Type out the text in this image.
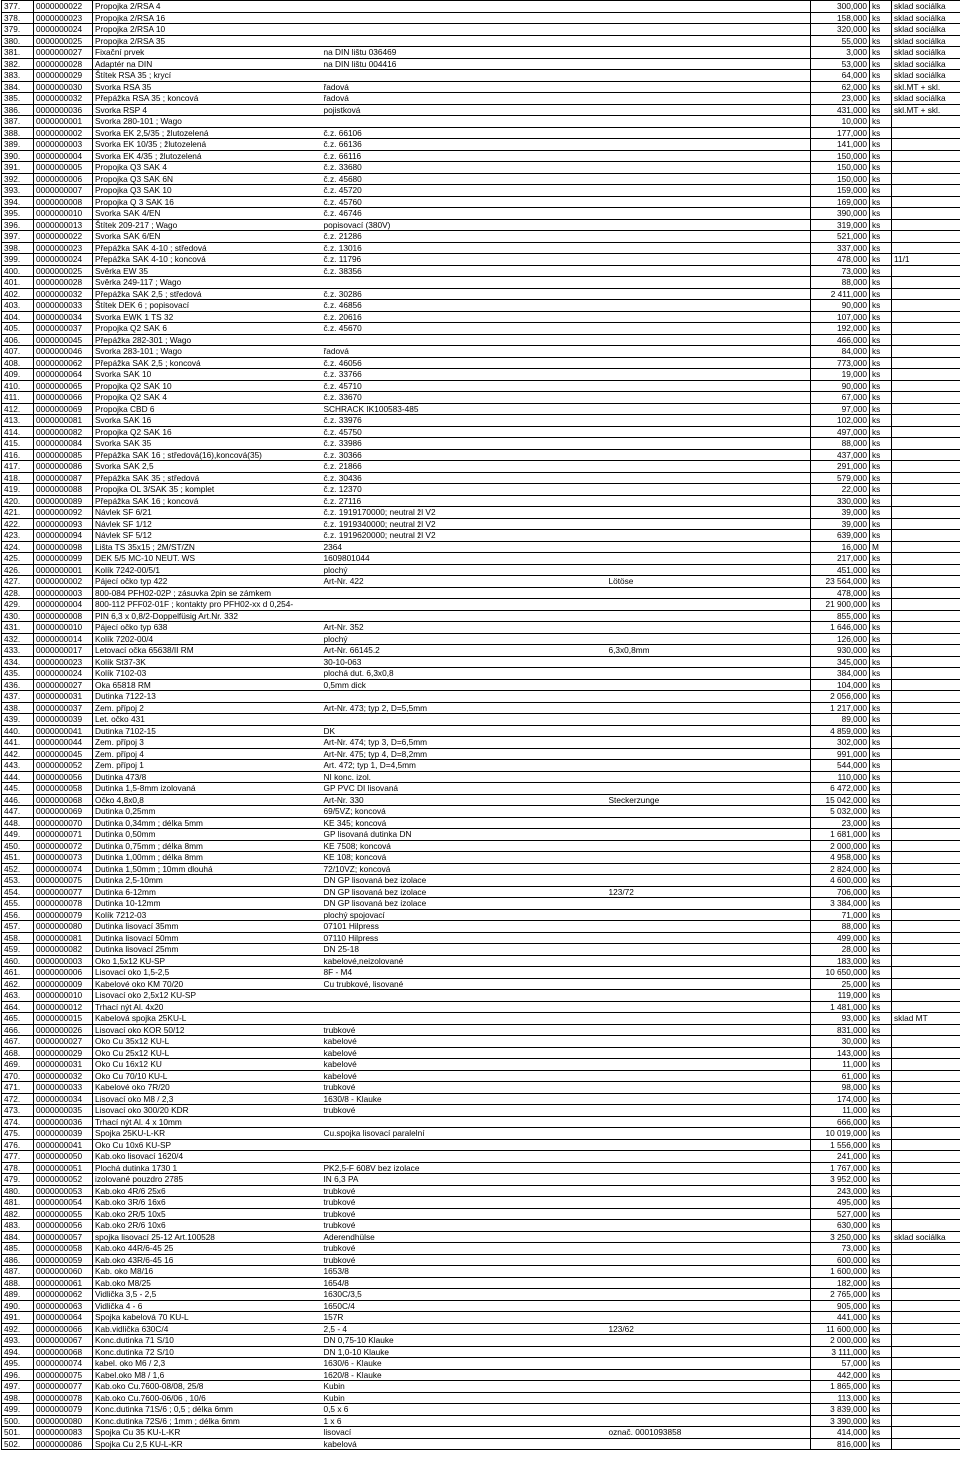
377.	0000000022	Propojka 2/RSA 4			300,000	ks	sklad sociálka
378.	0000000023	Propojka 2/RSA 16			158,000	ks	sklad sociálka
379.	0000000024	Propojka 2/RSA 10			320,000	ks	sklad sociálka
380.	0000000025	Propojka 2/RSA 35			55,000	ks	sklad sociálka
381.	0000000027	Fixační prvek	na DIN lištu 036469		3,000	ks	sklad sociálka
382.	0000000028	Adaptér na DIN	na DIN lištu 004416		53,000	ks	sklad sociálka
383.	0000000029	Štítek RSA 35 ; krycí			64,000	ks	sklad sociálka
384.	0000000030	Svorka RSA 35	řadová		62,000	ks	skl.MT + skl.
385.	0000000032	Přepážka RSA 35 ; koncová	řadová		23,000	ks	sklad sociálka
386.	0000000036	Svorka RSP 4	pojistková		431,000	ks	skl.MT + skl.
387.	0000000001	Svorka 280-101 ; Wago			10,000	ks	
388.	0000000002	Svorka EK 2,5/35 ; žlutozelená	č.z. 66106		177,000	ks	
389.	0000000003	Svorka EK 10/35 ; žlutozelená	č.z. 66136		141,000	ks	
390.	0000000004	Svorka EK 4/35 ; žlutozelená	č.z. 66116		150,000	ks	
391.	0000000005	Propojka Q3 SAK 4	č.z. 33680		150,000	ks	
392.	0000000006	Propojka Q3 SAK 6N	č.z. 45680		150,000	ks	
393.	0000000007	Propojka Q3 SAK 10	č.z. 45720		159,000	ks	
394.	0000000008	Propojka Q 3 SAK 16	č.z. 45760		169,000	ks	
395.	0000000010	Svorka SAK 4/EN	č.z. 46746		390,000	ks	
396.	0000000013	Štítek 209-217 ; Wago	popisovací (380V)		319,000	ks	
397.	0000000022	Svorka SAK 6/EN	č.z. 21286		521,000	ks	
398.	0000000023	Přepážka SAK 4-10 ; středová	č.z. 13016		337,000	ks	
399.	0000000024	Přepážka SAK 4-10 ; koncová	č.z. 11796		478,000	ks	11/1
400.	0000000025	Svěrka EW 35	č.z. 38356		73,000	ks	
401.	0000000028	Svěrka 249-117 ; Wago			88,000	ks	
402.	0000000032	Přepážka SAK 2,5 ; středová	č.z. 30286		2 411,000	ks	
403.	0000000033	Štítek DEK 6 ; popisovací	č.z. 46856		90,000	ks	
404.	0000000034	Svorka EWK 1 TS 32	č.z. 20616		107,000	ks	
405.	0000000037	Propojka Q2 SAK 6	č.z. 45670		192,000	ks	
406.	0000000045	Přepážka 282-301 ; Wago			466,000	ks	
407.	0000000046	Svorka 283-101 ; Wago	řadová		84,000	ks	
408.	0000000062	Přepážka SAK 2,5 ; koncová	č.z. 46056		773,000	ks	
409.	0000000064	Svorka SAK 10	č.z. 33766		19,000	ks	
410.	0000000065	Propojka Q2 SAK 10	č.z. 45710		90,000	ks	
411.	0000000066	Propojka Q2 SAK 4	č.z. 33670		67,000	ks	
412.	0000000069	Propojka CBD 6	SCHRACK IK100583-485		97,000	ks	
413.	0000000081	Svorka SAK 16	č.z. 33976		102,000	ks	
414.	0000000082	Propojka Q2 SAK 16	č.z. 45750		497,000	ks	
415.	0000000084	Svorka SAK 35	č.z. 33986		88,000	ks	
416.	0000000085	Přepážka SAK 16 ; středová(16),koncová(35)	č.z. 30366		437,000	ks	
417.	0000000086	Svorka SAK 2,5	č.z. 21866		291,000	ks	
418.	0000000087	Přepážka SAK 35 ; středová	č.z. 30436		579,000	ks	
419.	0000000088	Propojka OL 3/SAK 35 ; komplet	č.z. 12370		22,000	ks	
420.	0000000089	Přepážka SAK 16 ; koncová	č.z. 27116		330,000	ks	
421.	0000000092	Návlek SF 6/21	č.z. 1919170000; neutral žl V2		39,000	ks	
422.	0000000093	Návlek SF 1/12	č.z. 1919340000; neutral žl V2		39,000	ks	
423.	0000000094	Návlek SF 5/12	č.z. 1919620000; neutral žl V2		639,000	ks	
424.	0000000098	Lišta TS 35x15 ; 2M/ST/ZN	2364		16,000	M	
425.	0000000099	DEK 5/5 MC-10 NEUT. WS	1609801044		217,000	ks	
426.	0000000001	Kolík 7242-00/5/1	plochý		451,000	ks	
427.	0000000002	Pájecí očko typ 422	Art-Nr. 422	Lötöse	23 564,000	ks	
428.	0000000003	800-084 PFH02-02P ; zásuvka 2pin se zámkem			478,000	ks	
429.	0000000004	800-112 PFF02-01F ; kontakty pro PFH02-xx d 0,254-			21 900,000	ks	
430.	0000000008	PIN 6,3 x 0,8/2-Doppelfüsig Art.Nr. 332			855,000	ks	
431.	0000000010	Pájecí očko typ 638	Art-Nr. 352		1 646,000	ks	
432.	0000000014	Kolík 7202-00/4	plochý		126,000	ks	
433.	0000000017	Letovací očka 65638/II RM	Art-Nr. 66145.2	6,3x0,8mm	930,000	ks	
434.	0000000023	Kolík St37-3K	30-10-063		345,000	ks	
435.	0000000024	Kolík 7102-03	plochá dut. 6,3x0,8		384,000	ks	
436.	0000000027	Oka 65818 RM	0,5mm dick		104,000	ks	
437.	0000000031	Dutinka 7122-13			2 056,000	ks	
438.	0000000037	Zem. přípoj 2	Art-Nr. 473; typ 2, D=5,5mm		1 217,000	ks	
439.	0000000039	Let. očko 431			89,000	ks	
440.	0000000041	Dutinka 7102-15	DK		4 859,000	ks	
441.	0000000044	Zem. přípoj 3	Art-Nr. 474; typ 3, D=6,5mm		302,000	ks	
442.	0000000045	Zem. přípoj 4	Art-Nr. 475; typ 4, D=8,2mm		991,000	ks	
443.	0000000052	Zem. přípoj 1	Art. 472; typ 1, D=4,5mm		544,000	ks	
444.	0000000056	Dutinka 473/8	NI konc. izol.		110,000	ks	
445.	0000000058	Dutinka 1,5-8mm izolovaná	GP PVC DI lisovaná		6 472,000	ks	
446.	0000000068	Očko 4,8x0,8	Art-Nr. 330	Steckerzunge	15 042,000	ks	
447.	0000000069	Dutinka 0,25mm	69/5VZ; koncová		5 032,000	ks	
448.	0000000070	Dutinka 0,34mm ; délka 5mm	KE 345; koncová		23,000	ks	
449.	0000000071	Dutinka 0,50mm	GP lisovaná dutinka DN		1 681,000	ks	
450.	0000000072	Dutinka 0,75mm ; délka 8mm	KE 7508; koncová		2 000,000	ks	
451.	0000000073	Dutinka 1,00mm ; délka 8mm	KE 108; koncová		4 958,000	ks	
452.	0000000074	Dutinka 1,50mm ; 10mm dlouhá	72/10VZ; koncová		2 824,000	ks	
453.	0000000075	Dutinka 2,5-10mm	DN GP lisovaná bez izolace		4 600,000	ks	
454.	0000000077	Dutinka 6-12mm	DN GP lisovaná bez izolace	123/72	706,000	ks	
455.	0000000078	Dutinka 10-12mm	DN GP lisovaná bez izolace		3 384,000	ks	
456.	0000000079	Kolík 7212-03	plochý spojovací		71,000	ks	
457.	0000000080	Dutinka lisovací 35mm	07101 Hilpress		88,000	ks	
458.	0000000081	Dutinka lisovací 50mm	07110 Hilpress		499,000	ks	
459.	0000000082	Dutinka lisovací 25mm	DN 25-18		28,000	ks	
460.	0000000003	Oko 1,5x12 KU-SP	kabelové,neizolované		183,000	ks	
461.	0000000006	Lisovací oko 1,5-2,5	8F - M4		10 650,000	ks	
462.	0000000009	Kabelové oko KM 70/20	Cu trubkové, lisované		25,000	ks	
463.	0000000010	Lisovací oko 2,5x12 KU-SP			119,000	ks	
464.	0000000012	Trhací nýt Al. 4x20			1 481,000	ks	
465.	0000000015	Kabelová spojka 25KU-L			93,000	ks	sklad MT
466.	0000000026	Lisovací oko KOR 50/12	trubkové		831,000	ks	
467.	0000000027	Oko Cu 35x12 KU-L	kabelové		30,000	ks	
468.	0000000029	Oko Cu 25x12 KU-L	kabelové		143,000	ks	
469.	0000000031	Oko Cu 16x12 KU	kabelové		11,000	ks	
470.	0000000032	Oko Cu 70/10 KU-L	kabelové		61,000	ks	
471.	0000000033	Kabelové oko 7R/20	trubkové		98,000	ks	
472.	0000000034	Lisovací oko M8 / 2,3	1630/8 - Klauke		174,000	ks	
473.	0000000035	Lisovací oko 300/20 KDR	trubkové		11,000	ks	
474.	0000000036	Trhací nýt Al. 4 x 10mm			666,000	ks	
475.	0000000039	Spojka 25KU-L-KR	Cu.spojka lisovací paralelní		10 019,000	ks	
476.	0000000041	Oko Cu 10x6 KU-SP			1 556,000	ks	
477.	0000000050	Kab.oko lisovací 1620/4			241,000	ks	
478.	0000000051	Plochá dutinka 1730 1	PK2,5-F 608V bez izolace		1 767,000	ks	
479.	0000000052	izolované pouzdro 2785	IN 6,3 PA		3 952,000	ks	
480.	0000000053	Kab.oko 4R/6 25x6	trubkové		243,000	ks	
481.	0000000054	Kab.oko 3R/6 16x6	trubkové		495,000	ks	
482.	0000000055	Kab.oko 2R/5 10x5	trubkové		527,000	ks	
483.	0000000056	Kab.oko 2R/6 10x6	trubkové		630,000	ks	
484.	0000000057	spojka lisovací 25-12 Art.100528	Aderendhülse		3 250,000	ks	sklad sociálka
485.	0000000058	Kab.oko 44R/6-45 25	trubkové		73,000	ks	
486.	0000000059	Kab.oko 43R/6-45 16	trubkové		600,000	ks	
487.	0000000060	Kab. oko M8/16	1653/8		1 600,000	ks	
488.	0000000061	Kab.oko M8/25	1654/8		182,000	ks	
489.	0000000062	Vidlička 3,5 - 2,5	1630C/3,5		2 765,000	ks	
490.	0000000063	Vidlička 4 - 6	1650C/4		905,000	ks	
491.	0000000064	Spojka kabelová 70 KU-L	157R		441,000	ks	
492.	0000000066	Kab.vidlička 630C/4	2,5 - 4	123/62	11 600,000	ks	
493.	0000000067	Konc.dutinka 71 S/10	DN 0,75-10 Klauke		2 000,000	ks	
494.	0000000068	Konc.dutinka 72 S/10	DN 1,0-10 Klauke		3 111,000	ks	
495.	0000000074	kabel. oko M6 / 2,3	1630/6 - Klauke		57,000	ks	
496.	0000000075	Kabel.oko M8 / 1,6	1620/8 - Klauke		442,000	ks	
497.	0000000077	Kab.oko Cu.7600-08/08, 25/8	Kubin		1 865,000	ks	
498.	0000000078	Kab.oko Cu.7600-06/06 , 10/6	Kubin		113,000	ks	
499.	0000000079	Konc.dutinka 71S/6 ; 0,5 ; délka 6mm	0,5 x 6		3 839,000	ks	
500.	0000000080	Konc.dutinka 72S/6 ; 1mm ; délka 6mm	1 x 6		3 390,000	ks	
501.	0000000083	Spojka Cu 35 KU-L-KR	lisovací	označ. 0001093858	414,000	ks	
502.	0000000086	Spojka Cu 2,5 KU-L-KR	kabelová		816,000	ks	
